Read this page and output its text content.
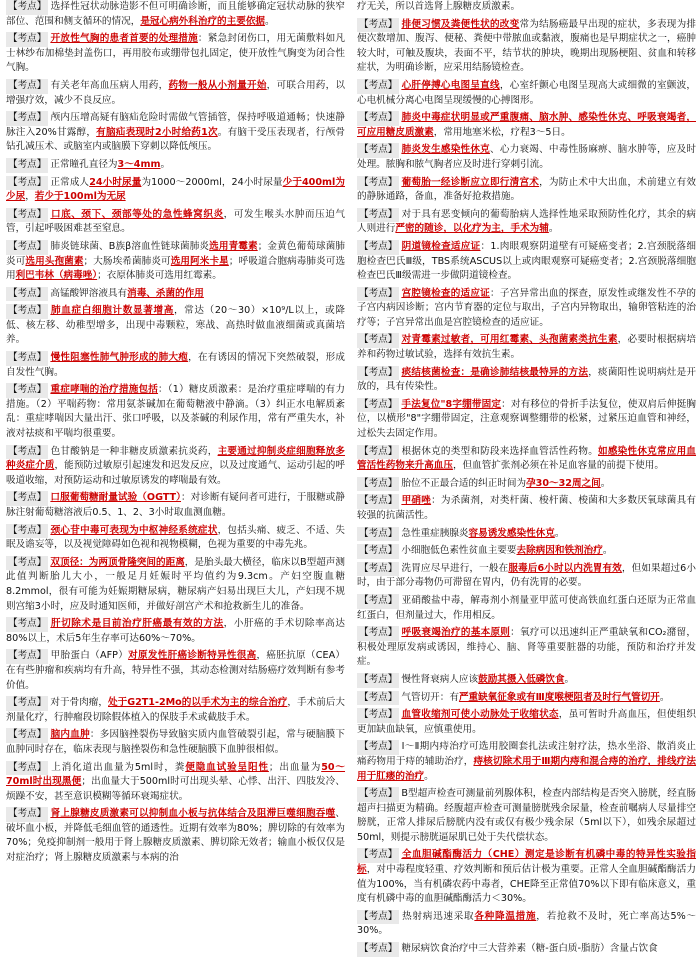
【考点】 选择性冠状动脉造影不但可明确诊断，而且能够确定冠状动脉的狭窄部位、范围和侧支循环的情况，是冠心病外科治疗的主要依据。

【考点】 开放性气胸的患者首要的处理措施：紧急封闭伤口，用无菌敷料如凡士林纱布加棉垫封盖伤口，再用胶布或绷带包扎固定，使开放性气胸变为闭合性气胸。

【考点】 有关老年高血压病人用药，药物一般从小剂量开始，可联合用药，以增强疗效，减少不良反应。

【考点】 颅内压增高疑有脑疝危险时需做气管插管，保持呼吸道通畅；快速静脉注入20%甘露醇，有脑疝表现时2小时给药1次。有脑干受压表现者，行颅骨钻孔减压术、或脑室内或脑膜下穿刺以降低颅压。

【考点】 正常瞳孔直径为3～4mm。

【考点】 正常成人24小时尿量为1000～2000ml，24小时尿量少于400ml为少尿，若少于100ml为无尿

【考点】 口底、颈下、颈部等处的急性蜂窝织炎，可发生喉头水肿而压迫气管，引起呼吸困难甚至窒息。

【考点】 肺炎链球菌、B族β溶血性链球菌肺炎选用青霉素；金黄色葡萄球菌肺炎可选用头孢菌素；大肠埃希菌肺炎可选用阿米卡星；呼吸道合胞病毒肺炎可选用利巴韦林（病毒唑）；衣原体肺炎可选用红霉素。

【考点】 高锰酸钾溶液具有消毒、杀菌的作用

【考点】 肺血症白细胞计数显著增高，常达（20～30）×10⁹/L以上，或降低、核左移、幼稚型增多，出现中毒颗粒，寒战、高热时做血液细菌或真菌培养。

【考点】 慢性阻塞性肺气肿形成的肺大疱，在有诱因的情况下突然破裂，形成自发性气胸。

【考点】 重症哮喘的治疗措施包括：（1）糖皮质激素：是治疗重症哮喘的有力措施。（2）平喘药物：常用氨茶碱加在葡萄糖液中静滴。（3）纠正水电解质紊乱：重症哮喘因大量出汗、张口呼吸，以及茶碱的利尿作用，常有严重失水，补液对祛痰和平喘均很重要。

【考点】 色甘酸钠是一种非糖皮质激素抗炎药，主要通过抑制炎症细胞释放多种炎症介质，能预防过敏原引起速发和迟发反应，以及过度通气、运动引起的呼吸道收缩，对预防运动和过敏原诱发的哮喘最有效。

【考点】 口服葡萄糖耐量试验（OGTT）：对诊断有疑问者可进行，于服糖或静脉注射葡萄糖溶液后0.5、1、2、3小时取血测血糖。

【考点】 颈心苷中毒可表现为中枢神经系统症状，包括头痛、疲乏、不适、失眠及谵妄等，以及视觉障碍如色视和视物模糊，色视为重要的中毒先兆。

【考点】 双顶径：为两顶骨隆突间的距离，是胎头最大横径，临床以B型超声测此值判断胎儿大小，一般足月妊娠时平均值约为9.3cm。产妇空腹血糖8.2mmol，很有可能为妊娠期糖尿病，糖尿病产妇易出现巨大儿，产妇现不规则宫缩3小时，应及时通知医师，并做好剖宫产术和抢救新生儿的准备。

【考点】 肝切除术是目前治疗肝癌最有效的方法，小肝癌的手术切除率高达80%以上，术后5年生存率可达60%～70%。

【考点】 甲胎蛋白（AFP）对原发性肝癌诊断特异性很高，癌胚抗原（CEA）在有些肿瘤和疾病均有升高，特异性不强，其动态检测对结肠癌疗效判断有参考价值。

【考点】 对于骨肉瘤，处于G2T1-2Mo的以手术为主的综合治疗，手术前后大剂量化疗，行肿瘤段切除假体植入的保肢手术或截肢手术。

【考点】 脑内血肿：多因脑挫裂伤导致脑实质内血管破裂引起，常与硬脑膜下血肿同时存在，临床表现与脑挫裂伤和急性硬脑膜下血肿很相似。

【考点】 上消化道出血量为5ml时，粪便隐血试验呈阳性；出血量为50～70ml时出现黑便；出血量大于500ml时可出现头晕、心悸、出汗、四肢发冷、烦躁不安，甚至意识模糊等循环衰竭症状。

【考点】 肾上腺糖皮质激素可以抑制血小板与抗体结合及阻滞巨噬细胞吞噬、破坏血小板，并降低毛细血管的通透性。近期有效率为80%；脾切除的有效率为70%；免疫抑制剂一般用于肾上腺糖皮质激素、脾切除无效者；输血小板仅仅是对症治疗；肾上腺糖皮质激素与本病的治

疗无关，所以首选肾上腺糖皮质激素。

【考点】 排便习惯及粪便性状的改变常为结肠癌最早出现的症状，多表现为排便次数增加、腹泻、便秘、粪便中带脓血或黏液，腹痛也是早期症状之一，癌肿较大时，可触及腹块，表面不平，结节状的肿块，晚期出现肠梗阻、贫血和转移症状，为明确诊断，应采用结肠镜检查。

【考点】 心肝停搏心电图呈直线，心室纤颤心电图呈现高大或细微的室颤波，心电机械分离心电图呈现缓慢的心搏图形。

【考点】 肺炎中毒症状明显或严重腹痛、脑水肿、感染性休克、呼吸衰竭者，可应用糖皮质激素，常用地塞米松，疗程3～5日。

【考点】 肺炎发生感染性休克、心力衰竭、中毒性肠麻痹、脑水肿等，应及时处理。脓胸和脓气胸者应及时进行穿刺引流。

【考点】 葡萄胎一经诊断应立即行清宫术，为防止术中大出血，术前建立有效的静脉通路，备血，准备好抢救措施。

【考点】 对于具有恶变倾向的葡萄胎病人选择性地采取预防性化疗，其余的病人则进行严密的随诊，以化疗为主，手术为辅。

【考点】 阴道镜检查适应证：1.肉眼观察阴道壁有可疑癌变者；2.宫颈脱落细胞检查巴氏Ⅲ级，TBS系统ASCUS以上或肉眼观察可疑癌变者；2.宫颈脱落细胞检查巴氏Ⅲ级需进一步做阴道镜检查。

【考点】 宫腔镜检查的适应证：子宫异常出血的探查，原发性或继发性不孕的子宫内病因诊断；宫内节育器的定位与取出，子宫内异物取出，输卵管粘连的治疗等；子宫异常出血是宫腔镜检查的适应证。

【考点】 对青霉素过敏者，可用红霉素、头孢菌素类抗生素，必要时根据病培养和药物过敏试验，选择有效抗生素。

【考点】 痰结核菌检查：是确诊肺结核最特异的方法，痰菌阳性说明病灶是开放的，具有传染性。

【考点】 手法复位"8字绷带固定：对有移位的骨折手法复位，使双肩后伸挺胸位，以横形"8"字绷带固定，注意观察调整绷带的松紧，过紧压迫血管和神经，过松失去固定作用。

【考点】 根据休克的类型和防段来选择血管活性药物。如感染性休克常应用血管活性药物来升高血压，但血管扩张剂必须在补足血容量的前提下使用。

【考点】 胎位不正最合适的纠正时间为孕30～32周之间。

【考点】 甲硝唑：为杀菌剂，对类杆菌、梭杆菌、梭菌和大多数厌氧球菌具有较强的抗菌活性。

【考点】 急性重症胰腺炎容易诱发感染性休克。

【考点】 小细胞低色素性贫血主要要去除病因和铁剂治疗。

【考点】 洗胃应尽早进行，一般在服毒后6小时以内洗胃有效，但如果超过6小时，由于部分毒物仍可滞留在胃内，仍有洗胃的必要。

【考点】 亚硝酸盐中毒，解毒剂小剂量亚甲蓝可使高铁血红蛋白还原为正常血红蛋白，但剂量过大，作用相反。

【考点】 呼吸衰竭治疗的基本原则：氧疗可以迅速纠正严重缺氧和CO₂潴留，积极处理原发病或诱因，维持心、脑、肾等重要脏器的功能，预防和治疗并发症。

【考点】 慢性肾衰病人应该鼓励其摄入低磷饮食。

【考点】 气管切开：有严重缺氧征象或有Ⅲ度喉梗阻者及时行气管切开。

【考点】 血管收缩剂可使小动脉处于收缩状态，虽可暂时升高血压，但使组织更加缺血缺氧，应慎重使用。

【考点】 Ⅰ～Ⅱ期内痔治疗可选用胶圈套扎法或注射疗法，热水坐浴、散消炎止痛药物用于痔的辅助治疗，痔核切除术用于Ⅲ期内痔和混合痔的治疗，排线疗法用于肛瘘的治疗。

【考点】 B型超声检查可测量前列腺体积，检查内部结构是否突入膀胱，经直肠超声扫描更为精确。经腹超声检查可测量膀胱残余尿量，检查前嘱病人尽量排空膀胱，正常人排尿后膀胱内没有或仅有极少残余尿（5ml以下），如残余尿超过50ml，则提示膀胱逼尿肌已处于失代偿状态。

【考点】 全血胆碱酯酶活力（CHE）测定是诊断有机磷中毒的特异性实验指标，对中毒程度轻重、疗效判断和预后估计极为重要。正常人全血胆碱酯酶活力值为100%，当有机磷农药中毒者，CHE降至正常值70%以下即有临床意义，重度有机磷中毒的血胆碱酯酶活力＜30%。

【考点】 热射病迅速采取各种降温措施，若抢救不及时，死亡率高达5%～30%。

【考点】 糖尿病饮食治疗中三大营养素（糖-蛋白质-脂肪）含量占饮食
